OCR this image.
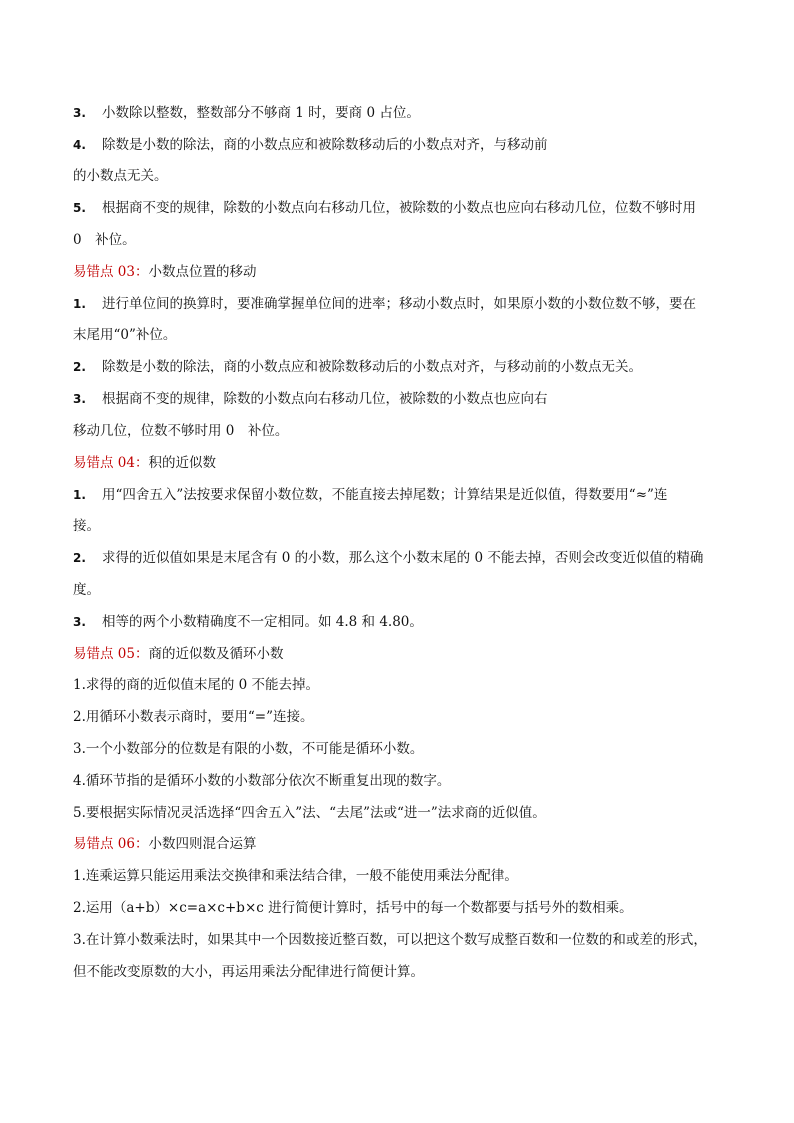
3. 小数除以整数，整数部分不够商 1 时，要商 0 占位。
4. 除数是小数的除法，商的小数点应和被除数移动后的小数点对齐，与移动前
的小数点无关。
5. 根据商不变的规律，除数的小数点向右移动几位，被除数的小数点也应向右移动几位，位数不够时用
0　补位。
易错点 03：小数点位置的移动
1. 进行单位间的换算时，要准确掌握单位间的进率；移动小数点时，如果原小数的小数位数不够，要在
末尾用“0”补位。
2. 除数是小数的除法，商的小数点应和被除数移动后的小数点对齐，与移动前的小数点无关。
3. 根据商不变的规律，除数的小数点向右移动几位，被除数的小数点也应向右
移动几位，位数不够时用 0　补位。
易错点 04：积的近似数
1. 用“四舍五入”法按要求保留小数位数，不能直接去掉尾数；计算结果是近似值，得数要用“≈”连
接。
2. 求得的近似值如果是末尾含有 0 的小数，那么这个小数末尾的 0 不能去掉，否则会改变近似值的精确
度。
3. 相等的两个小数精确度不一定相同。如 4.8 和 4.80。
易错点 05：商的近似数及循环小数
1.求得的商的近似值末尾的 0 不能去掉。
2.用循环小数表示商时，要用“=”连接。
3.一个小数部分的位数是有限的小数，不可能是循环小数。
4.循环节指的是循环小数的小数部分依次不断重复出现的数字。
5.要根据实际情况灵活选择“四舍五入”法、“去尾”法或“进一”法求商的近似值。
易错点 06：小数四则混合运算
1.连乘运算只能运用乘法交换律和乘法结合律，一般不能使用乘法分配律。
2.运用（a+b）×c=a×c+b×c 进行简便计算时，括号中的每一个数都要与括号外的数相乘。
3.在计算小数乘法时，如果其中一个因数接近整百数，可以把这个数写成整百数和一位数的和或差的形式，
但不能改变原数的大小，再运用乘法分配律进行简便计算。
